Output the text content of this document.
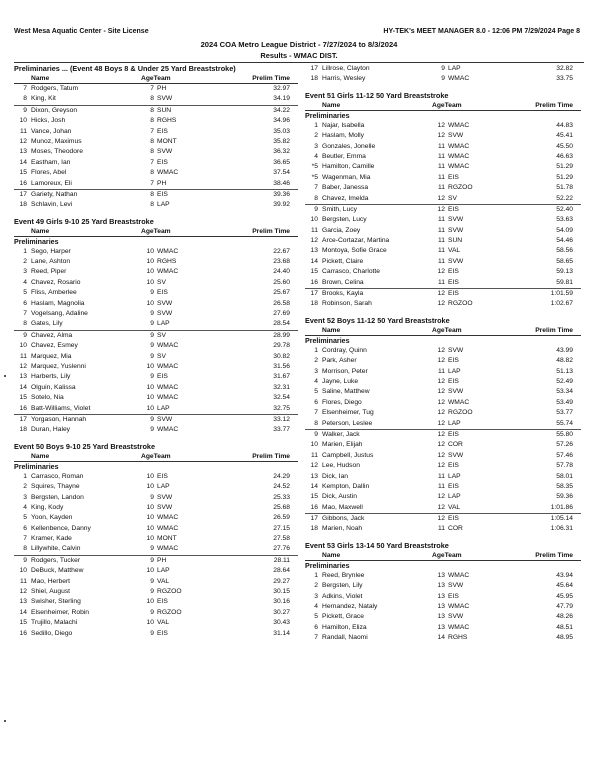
West Mesa Aquatic Center - Site License	HY-TEK's MEET MANAGER 8.0 - 12:06 PM 7/29/2024 Page 8
2024 COA Metro League District - 7/27/2024 to 8/3/2024
Results - WMAC DIST.
Preliminaries ... (Event 48 Boys 8 & Under 25 Yard Breaststroke)
Name	AgeTeam	Prelim Time
7 Rodgers, Tatum	7 PH	32.97
8 King, Kit	8 SVW	34.19
9 Dixon, Greyson	8 SUN	34.22
10 Hicks, Josh	8 RGHS	34.96
11 Vance, Johan	7 EIS	35.03
12 Munoz, Maximus	8 MONT	35.82
13 Moses, Theodore	8 SVW	36.32
14 Eastham, Ian	7 EIS	36.65
15 Flores, Abel	8 WMAC	37.54
16 Lamoreux, Eli	7 PH	38.46
17 Gariety, Nathan	8 EIS	39.36
18 Schlavin, Levi	8 LAP	39.92
Event 49 Girls 9-10 25 Yard Breaststroke
Name	AgeTeam	Prelim Time
Preliminaries
1 Sego, Harper	10 WMAC	22.67
2 Lane, Ashton	10 RGHS	23.68
3 Reed, Piper	10 WMAC	24.40
4 Chavez, Rosario	10 SV	25.60
5 Fliss, Amberlee	9 EIS	25.67
6 Haslam, Magnolia	10 SVW	26.58
7 Vogelsang, Adaline	9 SVW	27.69
8 Gates, Lily	9 LAP	28.54
9 Chavez, Alma	9 SV	28.99
10 Chavez, Esmey	9 WMAC	29.78
11 Marquez, Mia	9 SV	30.82
12 Marquez, Yuslenni	10 WMAC	31.56
13 Harberts, Lily	9 EIS	31.67
14 Olguin, Kalissa	10 WMAC	32.31
15 Sotelo, Nia	10 WMAC	32.54
16 Batt-Williams, Violet	10 LAP	32.75
17 Yorgason, Hannah	9 SVW	33.12
18 Duran, Haley	9 WMAC	33.77
Event 50 Boys 9-10 25 Yard Breaststroke
Name	AgeTeam	Prelim Time
Preliminaries
1 Carrasco, Roman	10 EIS	24.29
2 Squires, Thayne	10 LAP	24.52
3 Bergsten, Landon	9 SVW	25.33
4 King, Kody	10 SVW	25.68
5 Yoon, Kayden	10 WMAC	26.59
6 Kellenbence, Danny	10 WMAC	27.15
7 Kramer, Kade	10 MONT	27.58
8 Lillywhite, Calvin	9 WMAC	27.76
9 Rodgers, Tucker	9 PH	28.11
10 DeBuck, Matthew	10 LAP	28.64
11 Mao, Herbert	9 VAL	29.27
12 Shiel, August	9 RGZOO	30.15
13 Swisher, Sterling	10 EIS	30.16
14 Elsenheimer, Robin	9 RGZOO	30.27
15 Trujillo, Malachi	10 VAL	30.43
16 Sedillo, Diego	9 EIS	31.14
17 Lillrose, Clayton	9 LAP	32.82
18 Harris, Wesley	9 WMAC	33.75
Event 51 Girls 11-12 50 Yard Breaststroke
Name	AgeTeam	Prelim Time
Preliminaries
1 Najar, Isabella	12 WMAC	44.83
2 Haslam, Molly	12 SVW	45.41
3 Gonzales, Jonelle	11 WMAC	45.50
4 Beutler, Emma	11 WMAC	46.63
*5 Hamilton, Camille	11 WMAC	51.29
*5 Wagenman, Mia	11 EIS	51.29
7 Baber, Janessa	11 RGZOO	51.78
8 Chavez, Imelda	12 SV	52.22
9 Smith, Lucy	12 EIS	52.40
10 Bergsten, Lucy	11 SVW	53.63
11 Garcia, Zoey	11 SVW	54.09
12 Arce-Cortazar, Martina	11 SUN	54.46
13 Montoya, Sofie Grace	11 VAL	58.56
14 Pickett, Claire	11 SVW	58.65
15 Carrasco, Charlotte	12 EIS	59.13
16 Brown, Celina	11 EIS	59.81
17 Brooks, Kayla	12 EIS	1:01.59
18 Robinson, Sarah	12 RGZOO	1:02.67
Event 52 Boys 11-12 50 Yard Breaststroke
Name	AgeTeam	Prelim Time
Preliminaries
1 Cordray, Quinn	12 SVW	43.99
2 Park, Asher	12 EIS	48.82
3 Morrison, Peter	11 LAP	51.13
4 Jayne, Luke	12 EIS	52.49
5 Saline, Matthew	12 SVW	53.34
6 Flores, Diego	12 WMAC	53.49
7 Elsenheimer, Tug	12 RGZOO	53.77
8 Peterson, Leslee	12 LAP	55.74
9 Walker, Jack	12 EIS	55.80
10 Marien, Elijah	12 COR	57.26
11 Campbell, Justus	12 SVW	57.46
12 Lee, Hudson	12 EIS	57.78
13 Dick, Ian	11 LAP	58.01
14 Kempton, Dallin	11 EIS	58.35
15 Dick, Austin	12 LAP	59.36
16 Mao, Maxwell	12 VAL	1:01.86
17 Gibbons, Jack	12 EIS	1:05.14
18 Marien, Noah	11 COR	1:06.31
Event 53 Girls 13-14 50 Yard Breaststroke
Name	AgeTeam	Prelim Time
Preliminaries
1 Reed, Brynlee	13 WMAC	43.94
2 Bergsten, Lily	13 SVW	45.64
3 Adkins, Violet	13 EIS	45.95
4 Hernandez, Nataly	13 WMAC	47.79
5 Pickett, Grace	13 SVW	48.26
6 Hamilton, Eliza	13 WMAC	48.51
7 Randall, Naomi	14 RGHS	48.95
